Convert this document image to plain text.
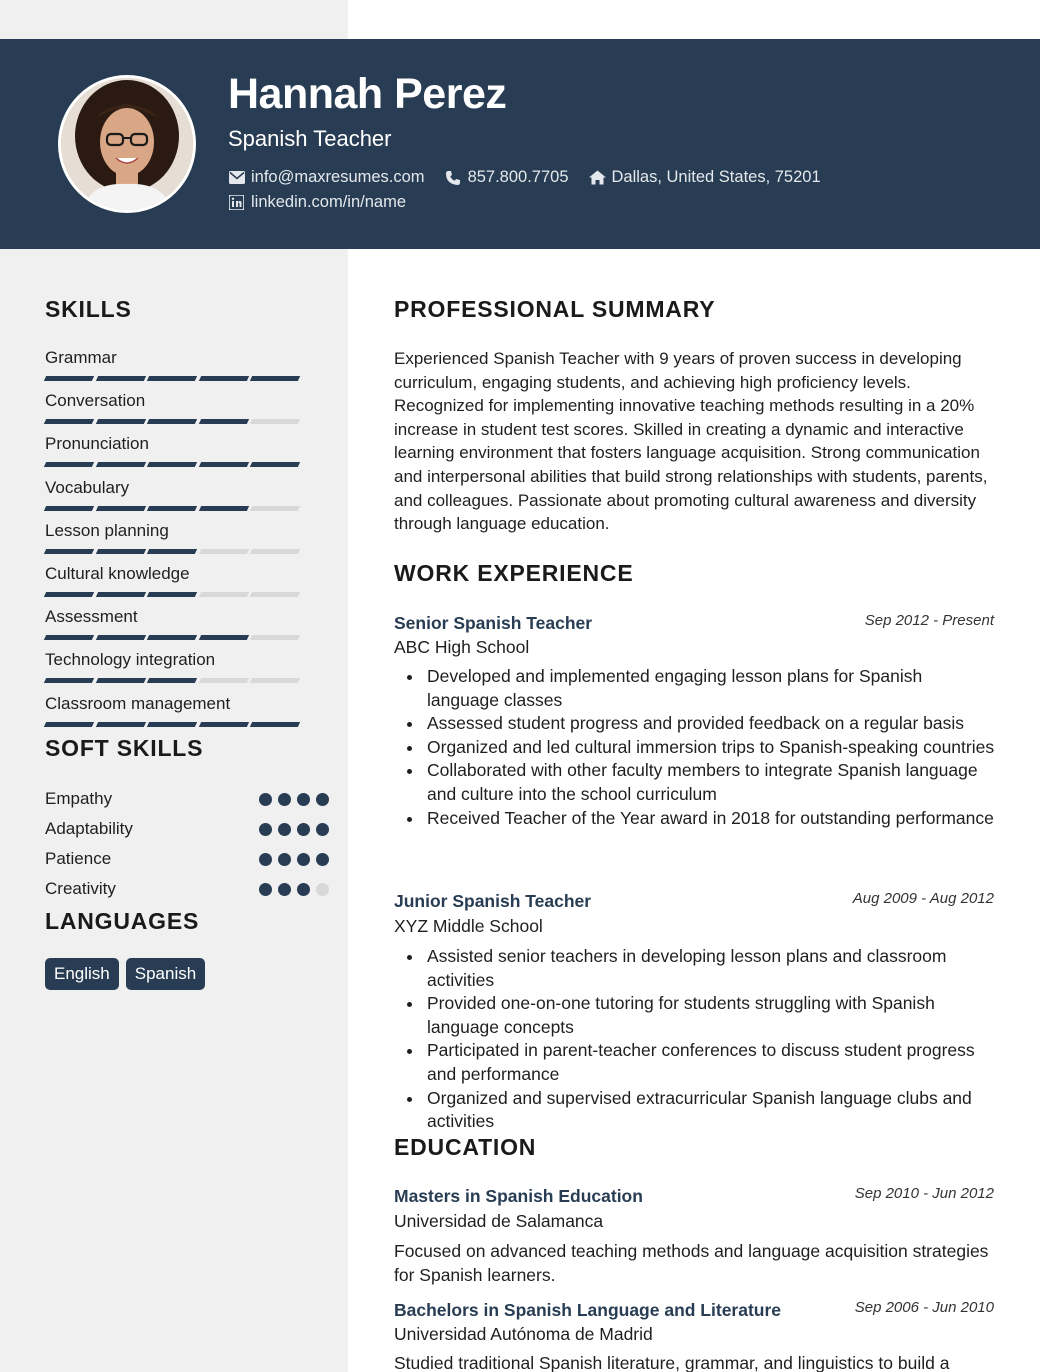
Hannah Perez
Spanish Teacher
info@maxresumes.com	857.800.7705	Dallas, United States, 75201
linkedin.com/in/name
SKILLS
Grammar
Conversation
Pronunciation
Vocabulary
Lesson planning
Cultural knowledge
Assessment
Technology integration
Classroom management
SOFT SKILLS
Empathy
Adaptability
Patience
Creativity
LANGUAGES
English	Spanish
PROFESSIONAL SUMMARY
Experienced Spanish Teacher with 9 years of proven success in developing curriculum, engaging students, and achieving high proficiency levels. Recognized for implementing innovative teaching methods resulting in a 20% increase in student test scores. Skilled in creating a dynamic and interactive learning environment that fosters language acquisition. Strong communication and interpersonal abilities that build strong relationships with students, parents, and colleagues. Passionate about promoting cultural awareness and diversity through language education.
WORK EXPERIENCE
Senior Spanish Teacher	Sep 2012 - Present
ABC High School
Developed and implemented engaging lesson plans for Spanish language classes
Assessed student progress and provided feedback on a regular basis
Organized and led cultural immersion trips to Spanish-speaking countries
Collaborated with other faculty members to integrate Spanish language and culture into the school curriculum
Received Teacher of the Year award in 2018 for outstanding performance
Junior Spanish Teacher	Aug 2009 - Aug 2012
XYZ Middle School
Assisted senior teachers in developing lesson plans and classroom activities
Provided one-on-one tutoring for students struggling with Spanish language concepts
Participated in parent-teacher conferences to discuss student progress and performance
Organized and supervised extracurricular Spanish language clubs and activities
EDUCATION
Masters in Spanish Education	Sep 2010 - Jun 2012
Universidad de Salamanca
Focused on advanced teaching methods and language acquisition strategies for Spanish learners.
Bachelors in Spanish Language and Literature	Sep 2006 - Jun 2010
Universidad Autónoma de Madrid
Studied traditional Spanish literature, grammar, and linguistics to build a
